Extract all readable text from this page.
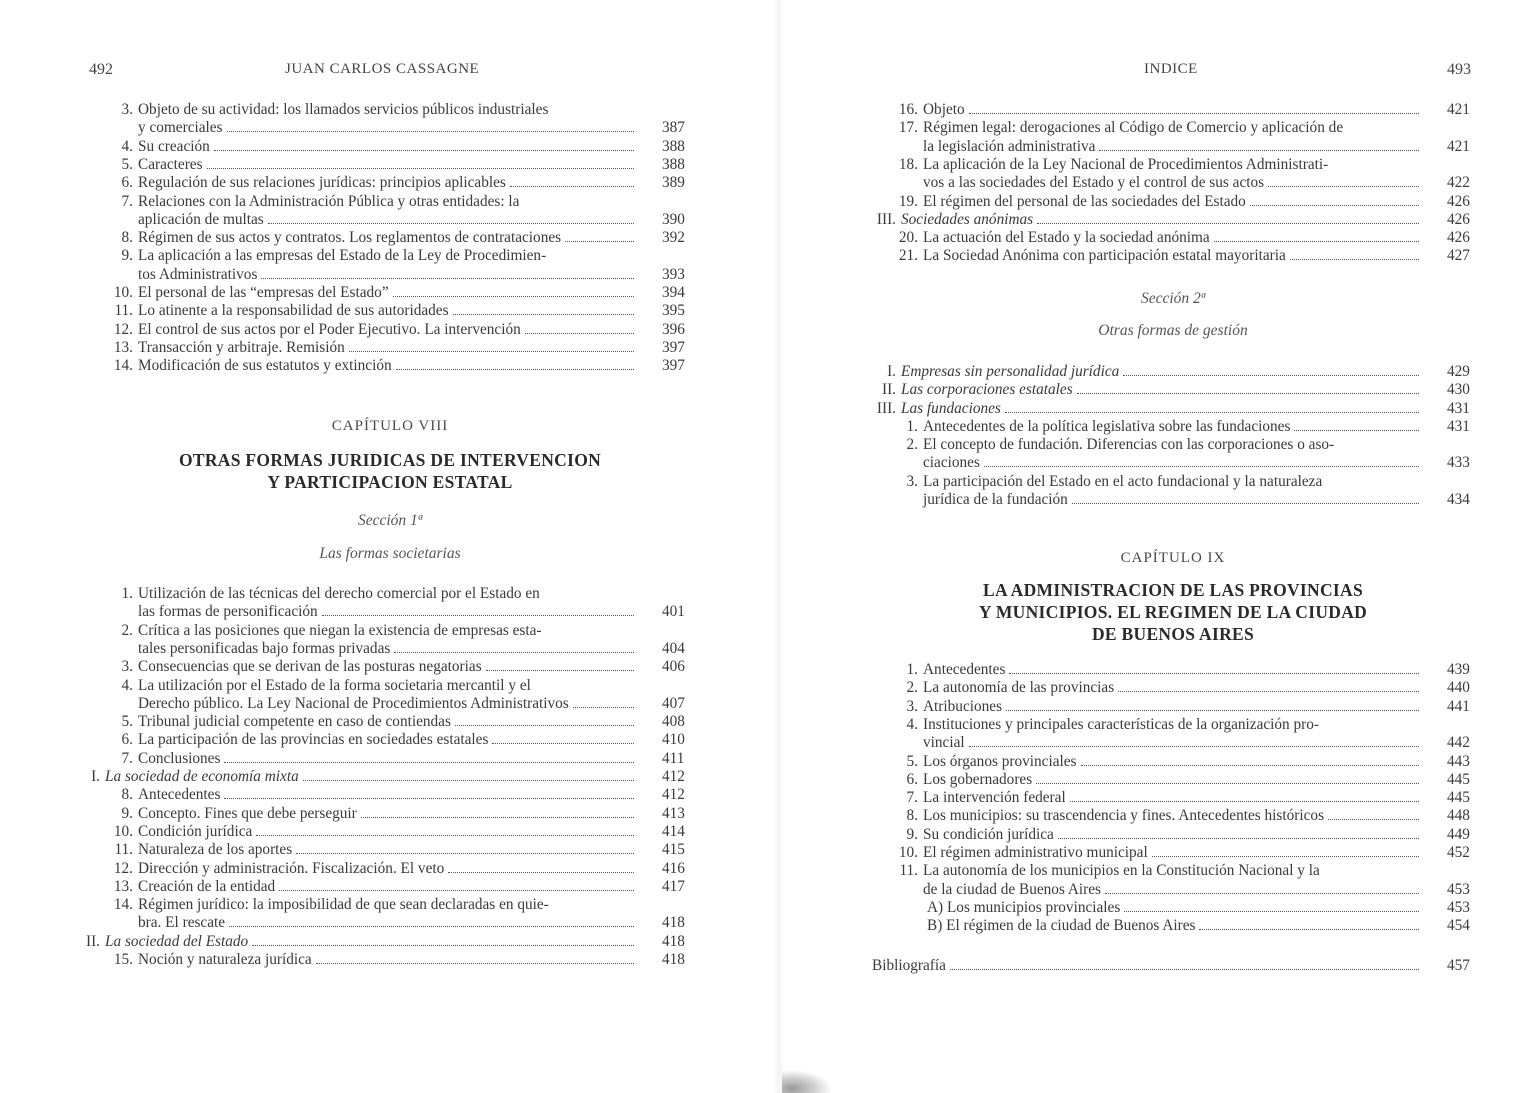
492	JUAN CARLOS CASSAGNE
3. Objeto de su actividad: los llamados servicios públicos industriales
y comerciales	387
4. Su creación	388
5. Caracteres	388
6. Regulación de sus relaciones jurídicas: principios aplicables	389
7. Relaciones con la Administración Pública y otras entidades: la
aplicación de multas	390
8. Régimen de sus actos y contratos. Los reglamentos de contrataciones	392
9. La aplicación a las empresas del Estado de la Ley de Procedimien-
tos Administrativos	393
10. El personal de las “empresas del Estado”	394
11. Lo atinente a la responsabilidad de sus autoridades	395
12. El control de sus actos por el Poder Ejecutivo. La intervención	396
13. Transacción y arbitraje. Remisión	397
14. Modificación de sus estatutos y extinción	397
CAPÍTULO VIII
OTRAS FORMAS JURIDICAS DE INTERVENCION
Y PARTICIPACION ESTATAL
Sección 1ª
Las formas societarias
1. Utilización de las técnicas del derecho comercial por el Estado en
las formas de personificación	401
2. Crítica a las posiciones que niegan la existencia de empresas esta-
tales personificadas bajo formas privadas	404
3. Consecuencias que se derivan de las posturas negatorias	406
4. La utilización por el Estado de la forma societaria mercantil y el
Derecho público. La Ley Nacional de Procedimientos Administrativos	407
5. Tribunal judicial competente en caso de contiendas	408
6. La participación de las provincias en sociedades estatales	410
7. Conclusiones	411
I. La sociedad de economía mixta	412
8. Antecedentes	412
9. Concepto. Fines que debe perseguir	413
10. Condición jurídica	414
11. Naturaleza de los aportes	415
12. Dirección y administración. Fiscalización. El veto	416
13. Creación de la entidad	417
14. Régimen jurídico: la imposibilidad de que sean declaradas en quie-
bra. El rescate	418
II. La sociedad del Estado	418
15. Noción y naturaleza jurídica	418
INDICE	493
16. Objeto	421
17. Régimen legal: derogaciones al Código de Comercio y aplicación de
la legislación administrativa	421
18. La aplicación de la Ley Nacional de Procedimientos Administrati-
vos a las sociedades del Estado y el control de sus actos	422
19. El régimen del personal de las sociedades del Estado	426
III. Sociedades anónimas	426
20. La actuación del Estado y la sociedad anónima	426
21. La Sociedad Anónima con participación estatal mayoritaria	427
Sección 2ª
Otras formas de gestión
I. Empresas sin personalidad jurídica	429
II. Las corporaciones estatales	430
III. Las fundaciones	431
1. Antecedentes de la política legislativa sobre las fundaciones	431
2. El concepto de fundación. Diferencias con las corporaciones o aso-
ciaciones	433
3. La participación del Estado en el acto fundacional y la naturaleza
jurídica de la fundación	434
CAPÍTULO IX
LA ADMINISTRACION DE LAS PROVINCIAS
Y MUNICIPIOS. EL REGIMEN DE LA CIUDAD
DE BUENOS AIRES
1. Antecedentes	439
2. La autonomía de las provincias	440
3. Atribuciones	441
4. Instituciones y principales características de la organización pro-
vincial	442
5. Los órganos provinciales	443
6. Los gobernadores	445
7. La intervención federal	445
8. Los municipios: su trascendencia y fines. Antecedentes históricos	448
9. Su condición jurídica	449
10. El régimen administrativo municipal	452
11. La autonomía de los municipios en la Constitución Nacional y la
de la ciudad de Buenos Aires	453
A) Los municipios provinciales	453
B) El régimen de la ciudad de Buenos Aires	454
Bibliografía	457
